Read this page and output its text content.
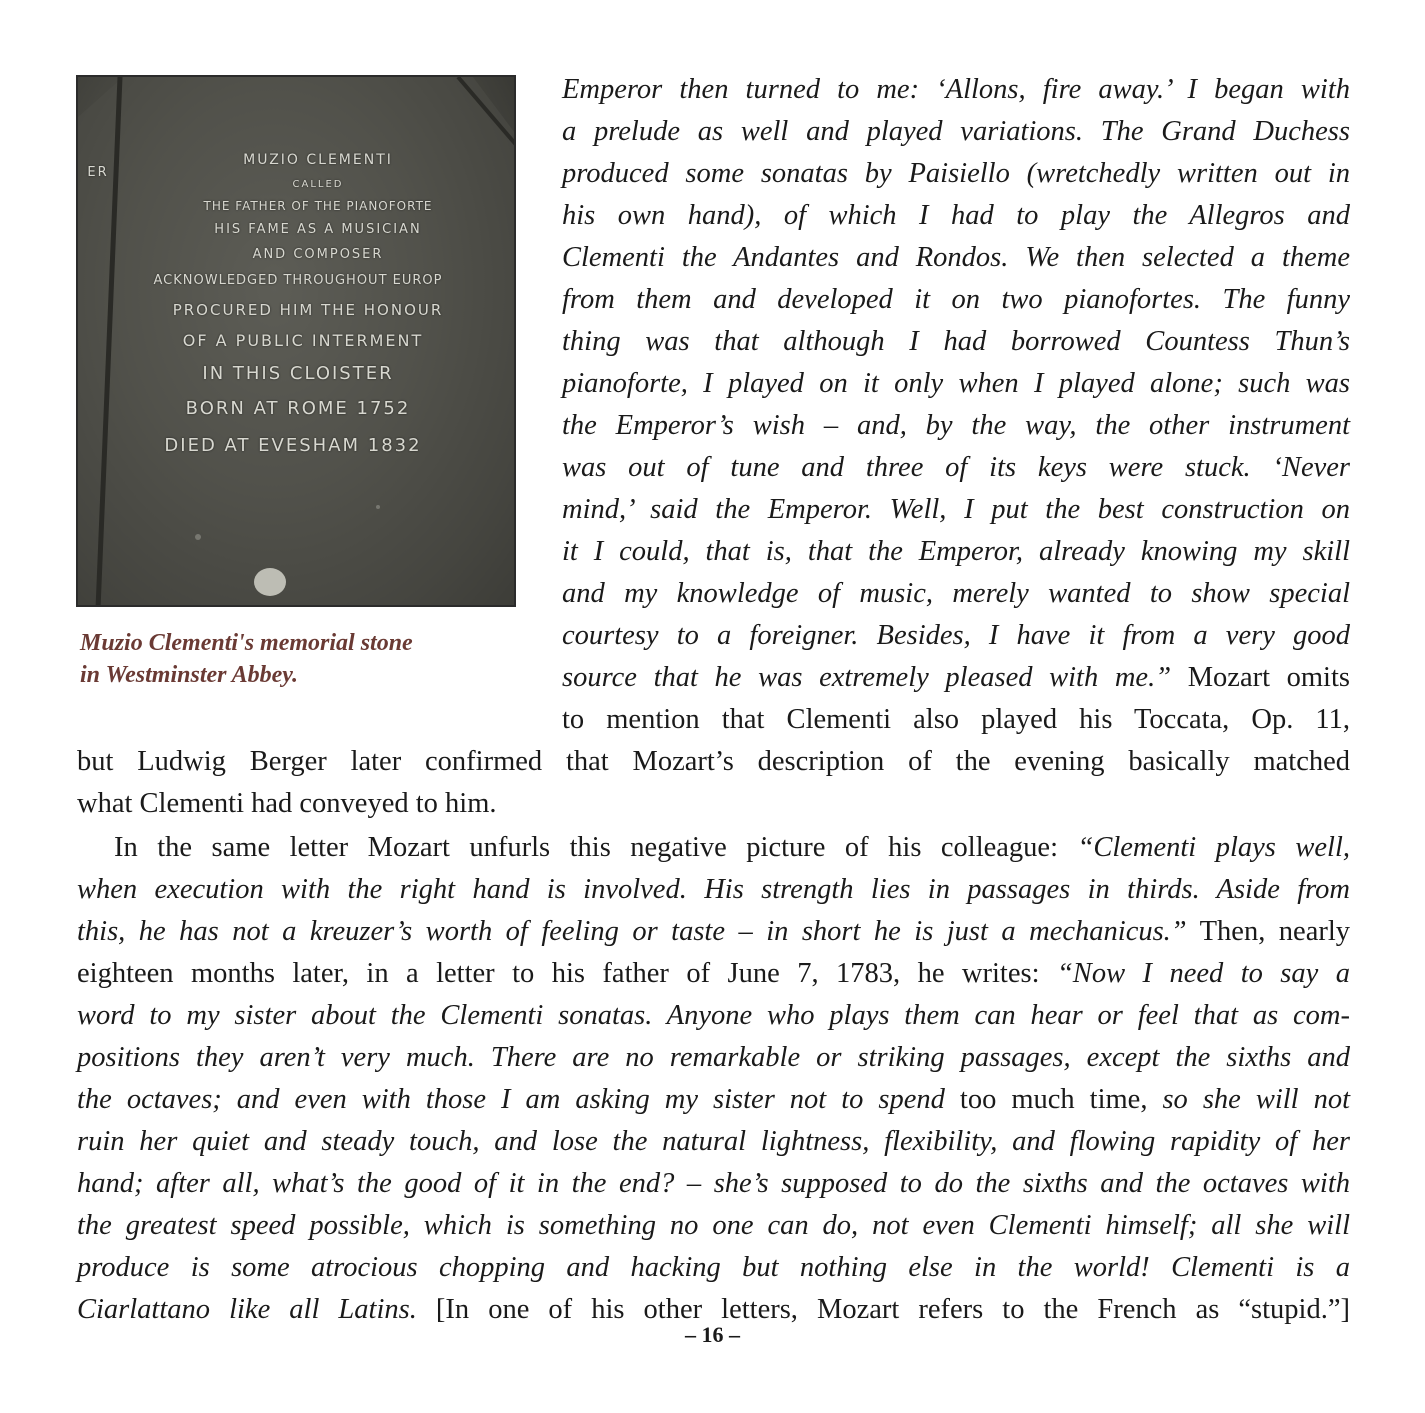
ER
MUZIO CLEMENTI
CALLED
THE FATHER OF THE PIANOFORTE
HIS FAME AS A MUSICIAN
AND COMPOSER
ACKNOWLEDGED THROUGHOUT EUROP
PROCURED HIM THE HONOUR
OF A PUBLIC INTERMENT
IN THIS CLOISTER
BORN AT ROME 1752
DIED AT EVESHAM 1832
Muzio Clementi's memorial stone
in Westminster Abbey.
Emperor then turned to me: ‘Allons, fire away.’ I began with
a prelude as well and played variations. The Grand Duchess
produced some sonatas by Paisiello (wretchedly written out in
his own hand), of which I had to play the Allegros and
Clementi the Andantes and Rondos. We then selected a theme
from them and developed it on two pianofortes. The funny
thing was that although I had borrowed Countess Thun’s
pianoforte, I played on it only when I played alone; such was
the Emperor’s wish – and, by the way, the other instrument
was out of tune and three of its keys were stuck. ‘Never
mind,’ said the Emperor. Well, I put the best construction on
it I could, that is, that the Emperor, already knowing my skill
and my knowledge of music, merely wanted to show special
courtesy to a foreigner. Besides, I have it from a very good
source that he was extremely pleased with me.” Mozart omits
to mention that Clementi also played his Toccata, Op. 11,
but Ludwig Berger later confirmed that Mozart’s description of the evening basically matched
what Clementi had conveyed to him.
In the same letter Mozart unfurls this negative picture of his colleague: “Clementi plays well,
when execution with the right hand is involved. His strength lies in passages in thirds. Aside from
this, he has not a kreuzer’s worth of feeling or taste – in short he is just a mechanicus.” Then, nearly
eighteen months later, in a letter to his father of June 7, 1783, he writes: “Now I need to say a
word to my sister about the Clementi sonatas. Anyone who plays them can hear or feel that as com-
positions they aren’t very much. There are no remarkable or striking passages, except the sixths and
the octaves; and even with those I am asking my sister not to spend too much time, so she will not
ruin her quiet and steady touch, and lose the natural lightness, flexibility, and flowing rapidity of her
hand; after all, what’s the good of it in the end? – she’s supposed to do the sixths and the octaves with
the greatest speed possible, which is something no one can do, not even Clementi himself; all she will
produce is some atrocious chopping and hacking but nothing else in the world! Clementi is a
Ciarlattano like all Latins. [In one of his other letters, Mozart refers to the French as “stupid.”]
– 16 –
